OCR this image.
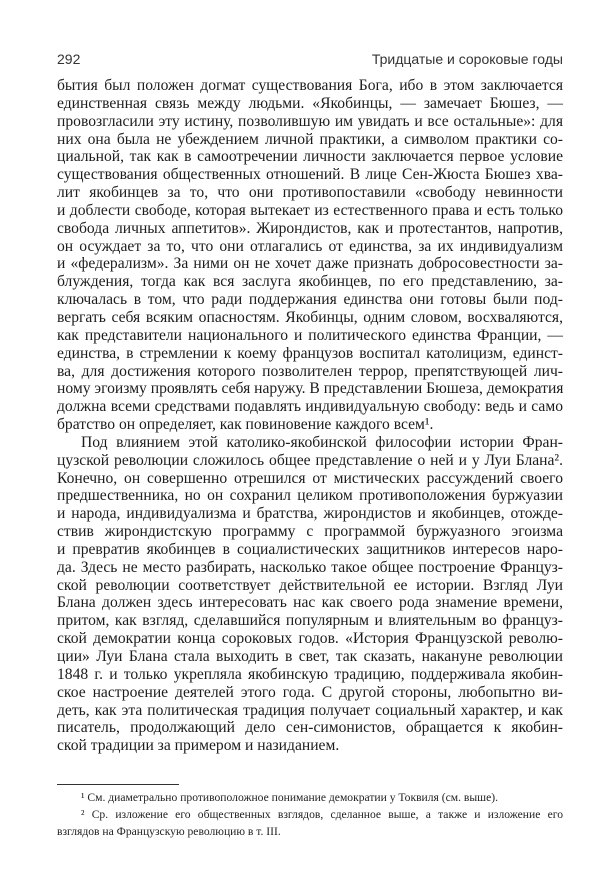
292	Тридцатые и сороковые годы
бытия был положен догмат существования Бога, ибо в этом заключается
единственная связь между людьми. «Якобинцы, — замечает Бюшез, —
провозгласили эту истину, позволившую им увидать и все остальные»: для
них она была не убеждением личной практики, а символом практики со-
циальной, так как в самоотречении личности заключается первое условие
существования общественных отношений. В лице Сен-Жюста Бюшез хва-
лит якобинцев за то, что они противопоставили «свободу невинности
и доблести свободе, которая вытекает из естественного права и есть только
свобода личных аппетитов». Жирондистов, как и протестантов, напротив,
он осуждает за то, что они отлагались от единства, за их индивидуализм
и «федерализм». За ними он не хочет даже признать добросовестности за-
блуждения, тогда как вся заслуга якобинцев, по его представлению, за-
ключалась в том, что ради поддержания единства они готовы были под-
вергать себя всяким опасностям. Якобинцы, одним словом, восхваляются,
как представители национального и политического единства Франции, —
единства, в стремлении к коему французов воспитал католицизм, единст-
ва, для достижения которого позволителен террор, препятствующей лич-
ному эгоизму проявлять себя наружу. В представлении Бюшеза, демократия
должна всеми средствами подавлять индивидуальную свободу: ведь и само
братство он определяет, как повиновение каждого всем¹.
Под влиянием этой католико-якобинской философии истории Фран-
цузской революции сложилось общее представление о ней и у Луи Блана².
Конечно, он совершенно отрешился от мистических рассуждений своего
предшественника, но он сохранил целиком противоположения буржуазии
и народа, индивидуализма и братства, жирондистов и якобинцев, отожде-
ствив жирондистскую программу с программой буржуазного эгоизма
и превратив якобинцев в социалистических защитников интересов наро-
да. Здесь не место разбирать, насколько такое общее построение Француз-
ской революции соответствует действительной ее истории. Взгляд Луи
Блана должен здесь интересовать нас как своего рода знамение времени,
притом, как взгляд, сделавшийся популярным и влиятельным во француз-
ской демократии конца сороковых годов. «История Французской револю-
ции» Луи Блана стала выходить в свет, так сказать, накануне революции
1848 г. и только укрепляла якобинскую традицию, поддерживала якобин-
ское настроение деятелей этого года. С другой стороны, любопытно ви-
деть, как эта политическая традиция получает социальный характер, и как
писатель, продолжающий дело сен-симонистов, обращается к якобин-
ской традиции за примером и назиданием.
¹ См. диаметрально противоположное понимание демократии у Токвиля (см. выше).
² Ср. изложение его общественных взглядов, сделанное выше, а также и изложение его
взглядов на Французскую революцию в т. III.
